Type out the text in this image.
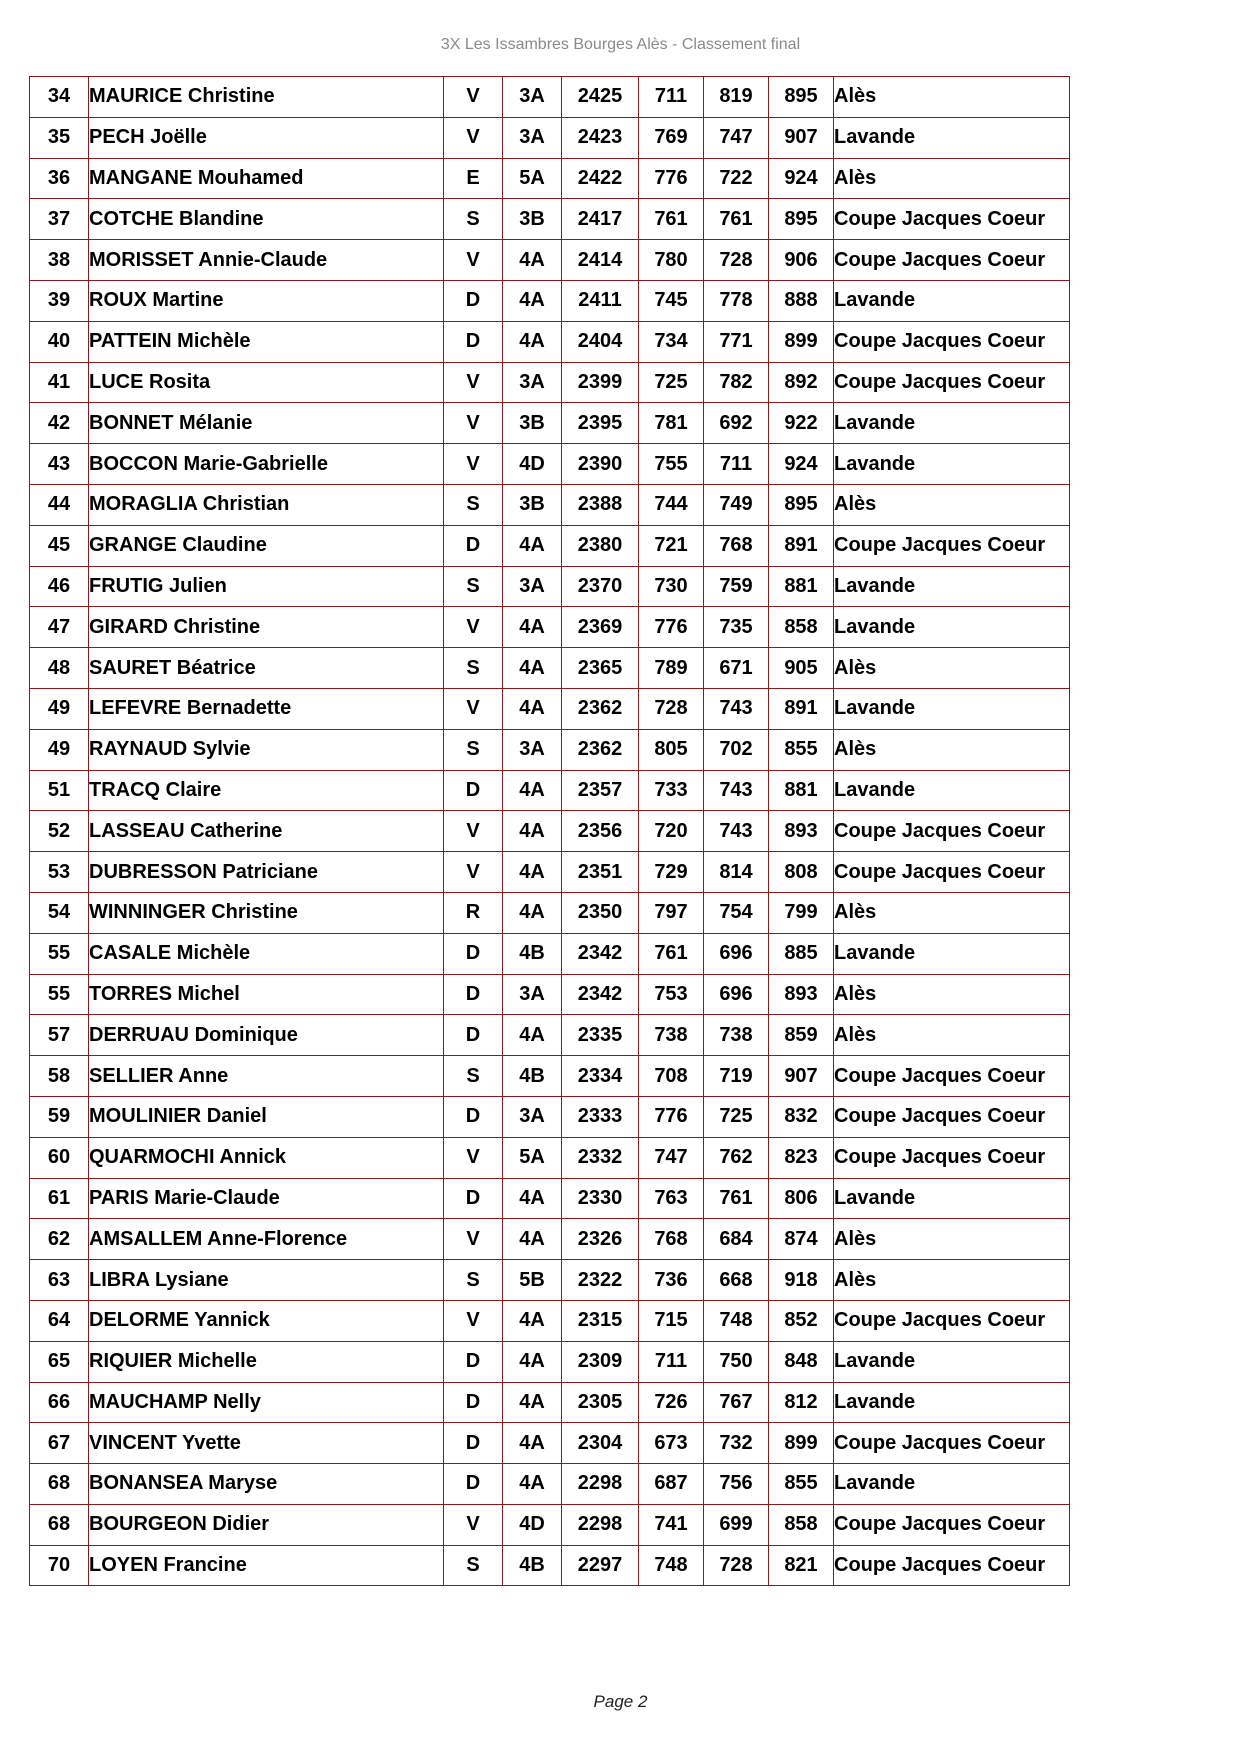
3X Les Issambres Bourges Alès - Classement final
34	MAURICE Christine	V	3A	2425	711	819	895	Alès
35	PECH Joëlle	V	3A	2423	769	747	907	Lavande
36	MANGANE Mouhamed	E	5A	2422	776	722	924	Alès
37	COTCHE Blandine	S	3B	2417	761	761	895	Coupe Jacques Coeur
38	MORISSET Annie-Claude	V	4A	2414	780	728	906	Coupe Jacques Coeur
39	ROUX Martine	D	4A	2411	745	778	888	Lavande
40	PATTEIN Michèle	D	4A	2404	734	771	899	Coupe Jacques Coeur
41	LUCE Rosita	V	3A	2399	725	782	892	Coupe Jacques Coeur
42	BONNET Mélanie	V	3B	2395	781	692	922	Lavande
43	BOCCON Marie-Gabrielle	V	4D	2390	755	711	924	Lavande
44	MORAGLIA Christian	S	3B	2388	744	749	895	Alès
45	GRANGE Claudine	D	4A	2380	721	768	891	Coupe Jacques Coeur
46	FRUTIG Julien	S	3A	2370	730	759	881	Lavande
47	GIRARD Christine	V	4A	2369	776	735	858	Lavande
48	SAURET Béatrice	S	4A	2365	789	671	905	Alès
49	LEFEVRE Bernadette	V	4A	2362	728	743	891	Lavande
49	RAYNAUD Sylvie	S	3A	2362	805	702	855	Alès
51	TRACQ Claire	D	4A	2357	733	743	881	Lavande
52	LASSEAU Catherine	V	4A	2356	720	743	893	Coupe Jacques Coeur
53	DUBRESSON Patriciane	V	4A	2351	729	814	808	Coupe Jacques Coeur
54	WINNINGER Christine	R	4A	2350	797	754	799	Alès
55	CASALE Michèle	D	4B	2342	761	696	885	Lavande
55	TORRES Michel	D	3A	2342	753	696	893	Alès
57	DERRUAU Dominique	D	4A	2335	738	738	859	Alès
58	SELLIER Anne	S	4B	2334	708	719	907	Coupe Jacques Coeur
59	MOULINIER Daniel	D	3A	2333	776	725	832	Coupe Jacques Coeur
60	QUARMOCHI Annick	V	5A	2332	747	762	823	Coupe Jacques Coeur
61	PARIS Marie-Claude	D	4A	2330	763	761	806	Lavande
62	AMSALLEM Anne-Florence	V	4A	2326	768	684	874	Alès
63	LIBRA Lysiane	S	5B	2322	736	668	918	Alès
64	DELORME Yannick	V	4A	2315	715	748	852	Coupe Jacques Coeur
65	RIQUIER Michelle	D	4A	2309	711	750	848	Lavande
66	MAUCHAMP Nelly	D	4A	2305	726	767	812	Lavande
67	VINCENT Yvette	D	4A	2304	673	732	899	Coupe Jacques Coeur
68	BONANSEA Maryse	D	4A	2298	687	756	855	Lavande
68	BOURGEON Didier	V	4D	2298	741	699	858	Coupe Jacques Coeur
70	LOYEN Francine	S	4B	2297	748	728	821	Coupe Jacques Coeur
Page 2
